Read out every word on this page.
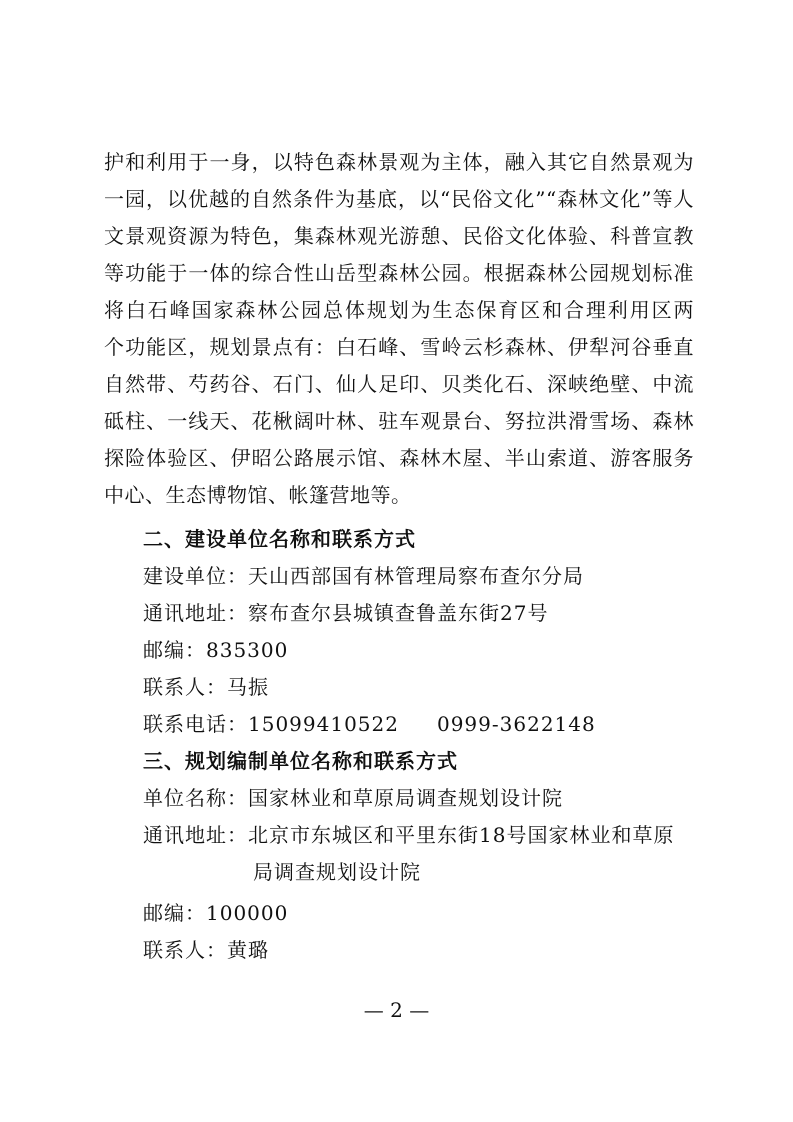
护和利用于一身，以特色森林景观为主体，融入其它自然景观为
一园，以优越的自然条件为基底，以“民俗文化”“森林文化”等人
文景观资源为特色，集森林观光游憩、民俗文化体验、科普宣教
等功能于一体的综合性山岳型森林公园。根据森林公园规划标准
将白石峰国家森林公园总体规划为生态保育区和合理利用区两
个功能区，规划景点有：白石峰、雪岭云杉森林、伊犁河谷垂直
自然带、芍药谷、石门、仙人足印、贝类化石、深峡绝壁、中流
砥柱、一线天、花楸阔叶林、驻车观景台、努拉洪滑雪场、森林
探险体验区、伊昭公路展示馆、森林木屋、半山索道、游客服务
中心、生态博物馆、帐篷营地等。
二、建设单位名称和联系方式
建设单位：天山西部国有林管理局察布查尔分局
通讯地址：察布查尔县城镇查鲁盖东街27号
邮编：835300
联系人：马振
联系电话：15099410522 0999-3622148
三、规划编制单位名称和联系方式
单位名称：国家林业和草原局调查规划设计院
通讯地址：北京市东城区和平里东街18号国家林业和草原
局调查规划设计院
邮编：100000
联系人：黄璐
— 2 —
